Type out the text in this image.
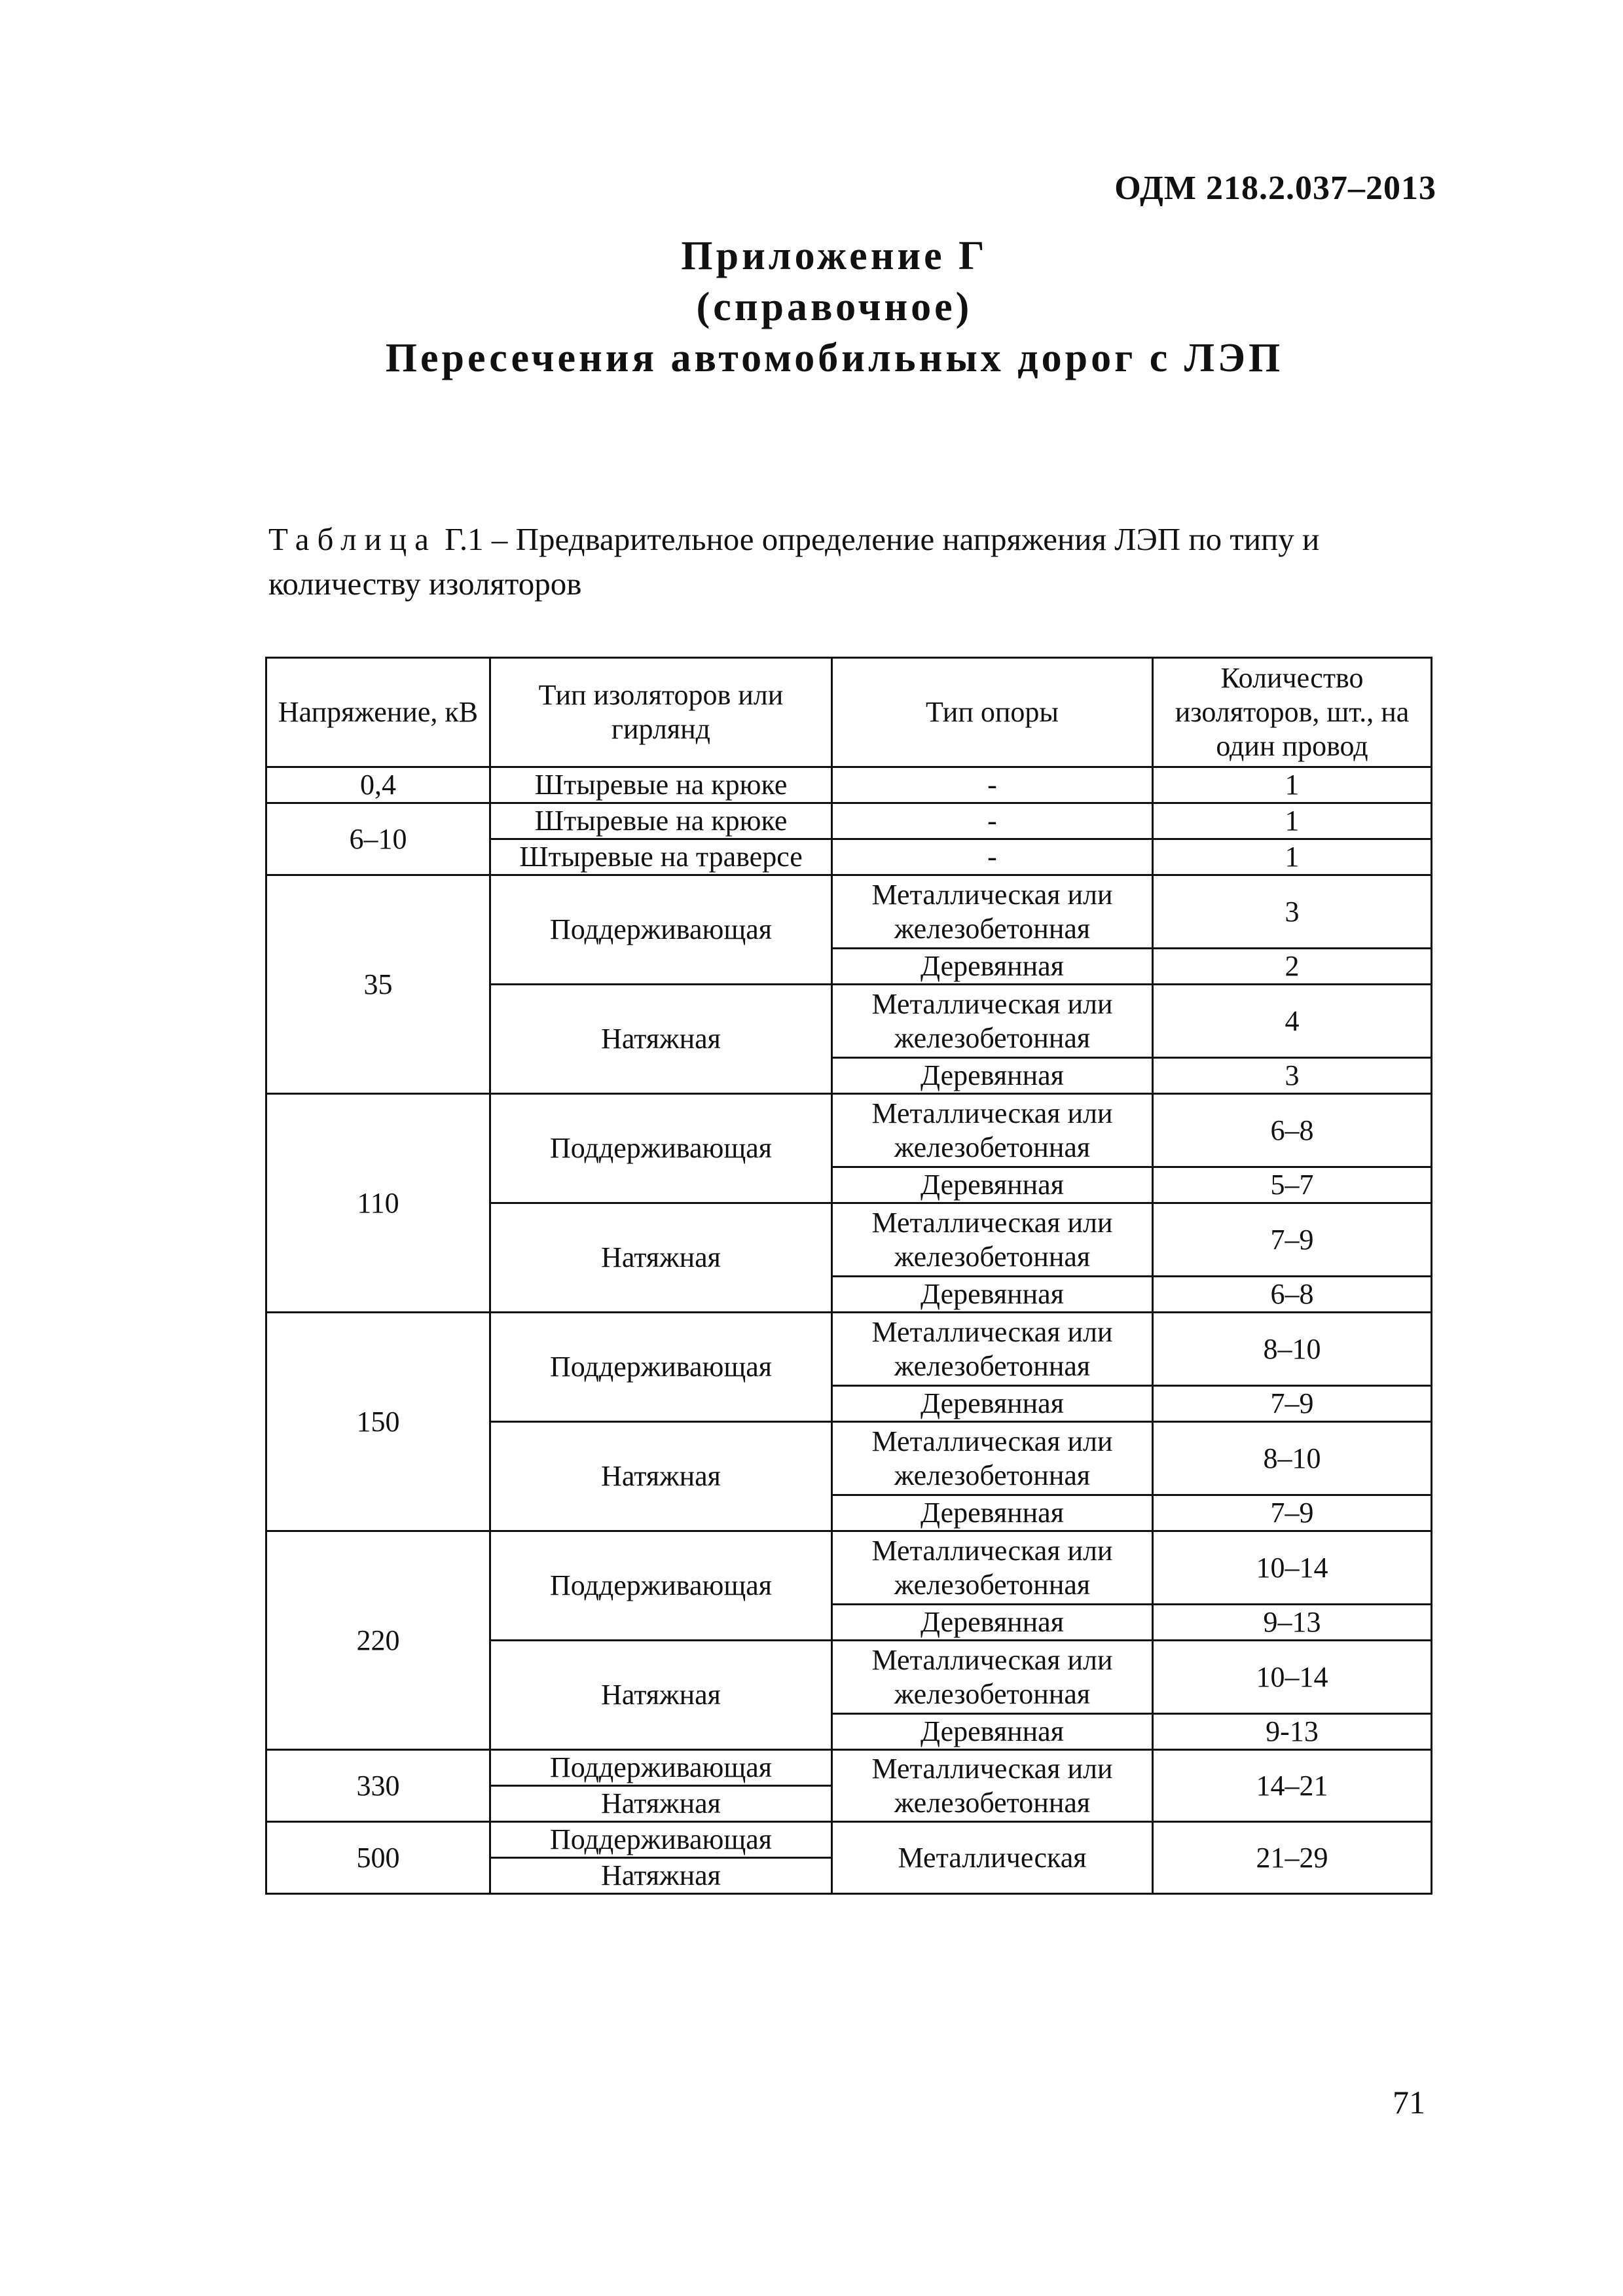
ОДМ 218.2.037–2013
Приложение Г
(справочное)
Пересечения автомобильных дорог с ЛЭП
Таблица Г.1 – Предварительное определение напряжения ЛЭП по типу и количеству изоляторов
Напряжение, кВ	Тип изоляторов или гирлянд	Тип опоры	Количество изоляторов, шт., на один провод
0,4	Штыревые на крюке	-	1
6–10	Штыревые на крюке	-	1
	Штыревые на траверсе	-	1
35	Поддерживающая	Металлическая или железобетонная	3
		Деревянная	2
	Натяжная	Металлическая или железобетонная	4
		Деревянная	3
110	Поддерживающая	Металлическая или железобетонная	6–8
		Деревянная	5–7
	Натяжная	Металлическая или железобетонная	7–9
		Деревянная	6–8
150	Поддерживающая	Металлическая или железобетонная	8–10
		Деревянная	7–9
	Натяжная	Металлическая или железобетонная	8–10
		Деревянная	7–9
220	Поддерживающая	Металлическая или железобетонная	10–14
		Деревянная	9–13
	Натяжная	Металлическая или железобетонная	10–14
		Деревянная	9-13
330	Поддерживающая	Металлическая или железобетонная	14–21
	Натяжная		
500	Поддерживающая	Металлическая	21–29
	Натяжная		
71
